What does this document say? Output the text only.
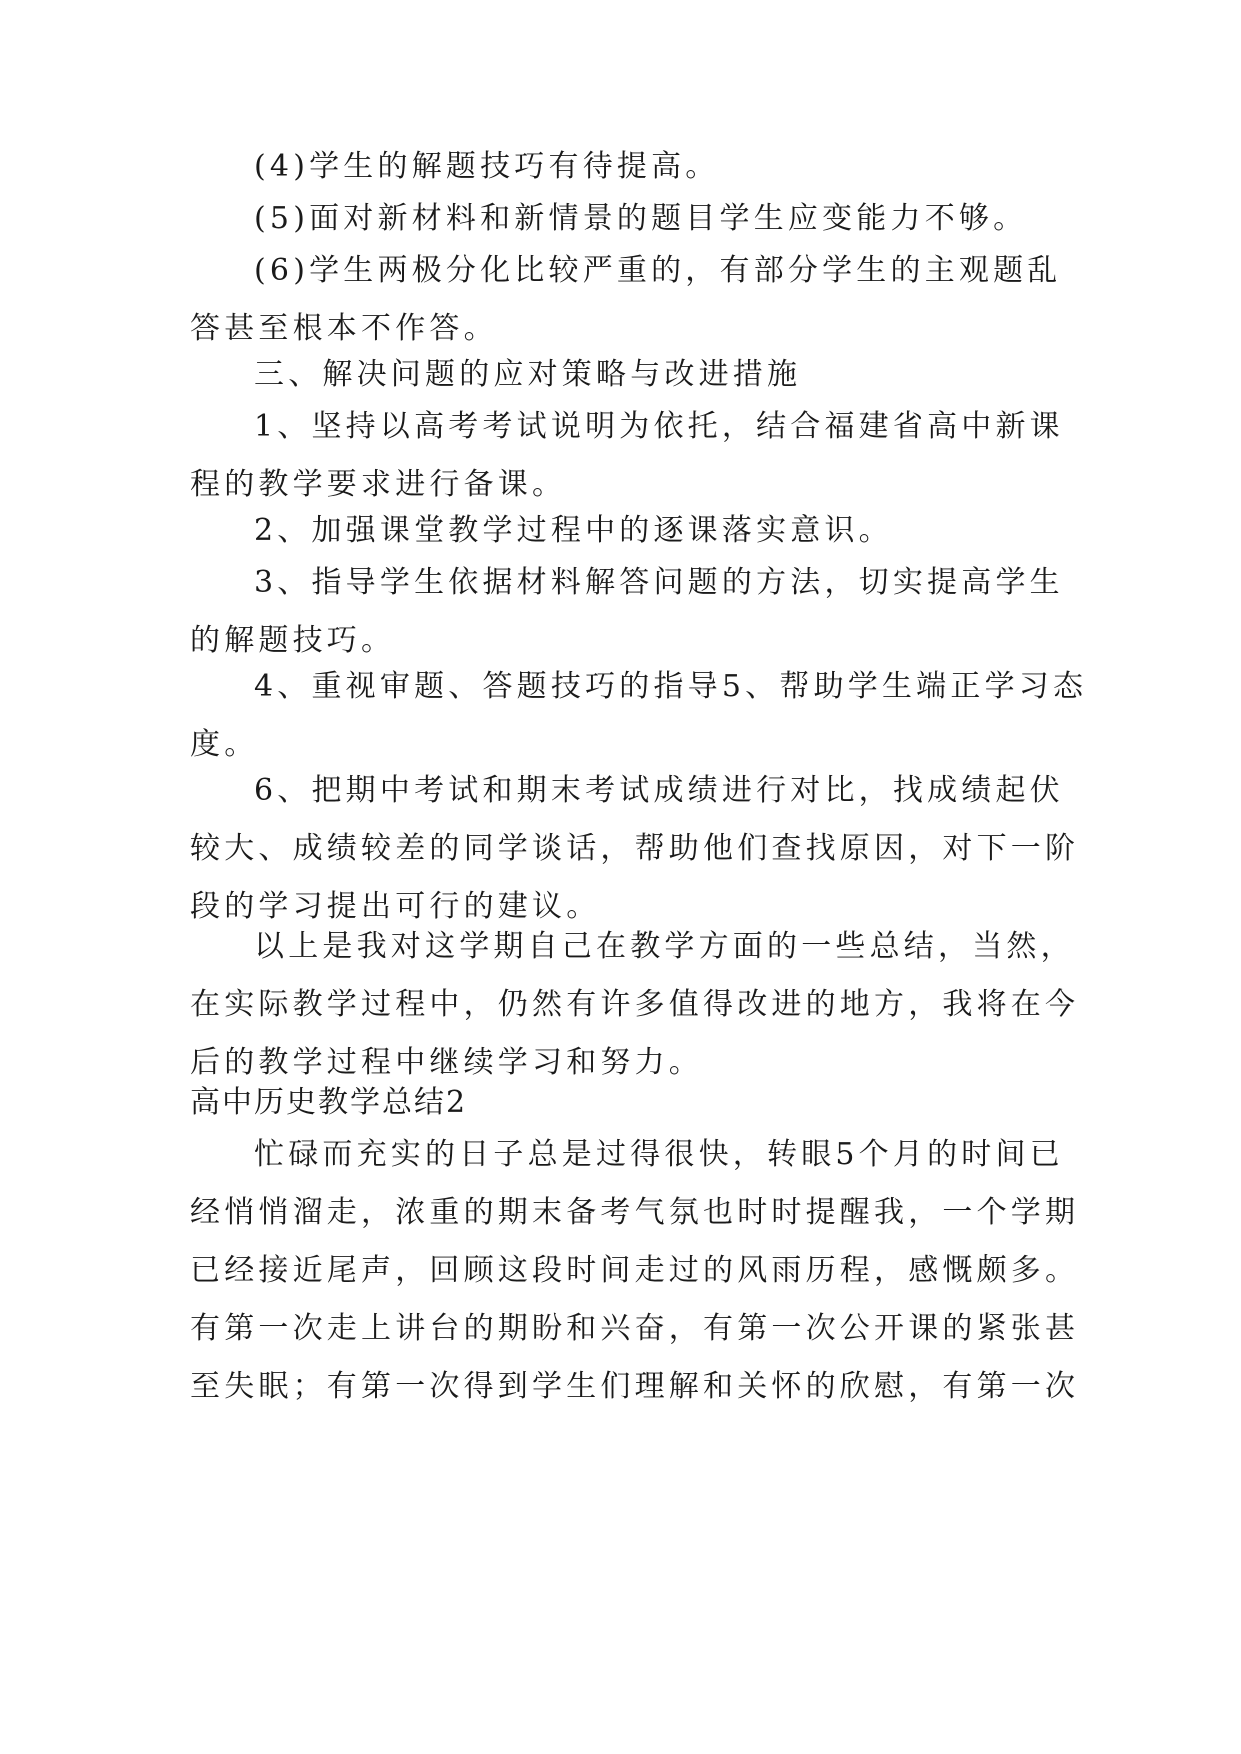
(4)学生的解题技巧有待提高。

(5)面对新材料和新情景的题目学生应变能力不够。

(6)学生两极分化比较严重的，有部分学生的主观题乱
答甚至根本不作答。

三、解决问题的应对策略与改进措施

1、坚持以高考考试说明为依托，结合福建省高中新课
程的教学要求进行备课。

2、加强课堂教学过程中的逐课落实意识。

3、指导学生依据材料解答问题的方法，切实提高学生
的解题技巧。

4、重视审题、答题技巧的指导5、帮助学生端正学习态
度。

6、把期中考试和期末考试成绩进行对比，找成绩起伏
较大、成绩较差的同学谈话，帮助他们查找原因，对下一阶
段的学习提出可行的建议。

以上是我对这学期自己在教学方面的一些总结，当然，
在实际教学过程中，仍然有许多值得改进的地方，我将在今
后的教学过程中继续学习和努力。

高中历史教学总结2

忙碌而充实的日子总是过得很快，转眼5个月的时间已
经悄悄溜走，浓重的期末备考气氛也时时提醒我，一个学期
已经接近尾声，回顾这段时间走过的风雨历程，感慨颇多。
有第一次走上讲台的期盼和兴奋，有第一次公开课的紧张甚
至失眠；有第一次得到学生们理解和关怀的欣慰，有第一次
